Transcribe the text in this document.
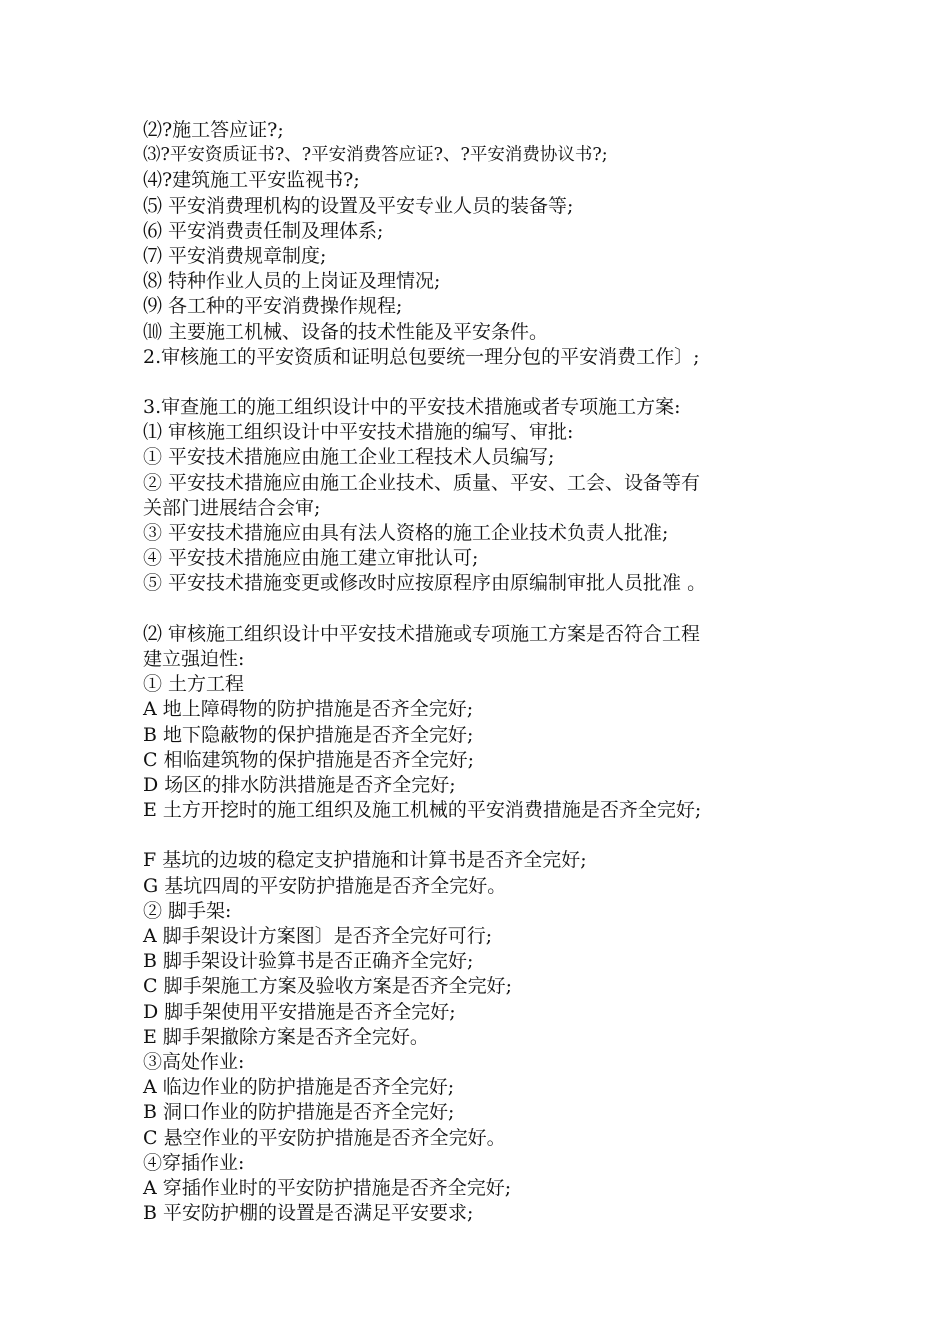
⑵?施工答应证?;
⑶?平安资质证书?、?平安消费答应证?、?平安消费协议书?;
⑷?建筑施工平安监视书?;
⑸ 平安消费理机构的设置及平安专业人员的装备等;
⑹ 平安消费责任制及理体系;
⑺ 平安消费规章制度;
⑻ 特种作业人员的上岗证及理情况;
⑼ 各工种的平安消费操作规程;
⑽ 主要施工机械、设备的技术性能及平安条件。
2.审核施工的平安资质和证明总包要统一理分包的平安消费工作〕;
3.审查施工的施工组织设计中的平安技术措施或者专项施工方案:
⑴ 审核施工组织设计中平安技术措施的编写、审批:
① 平安技术措施应由施工企业工程技术人员编写;
② 平安技术措施应由施工企业技术、质量、平安、工会、设备等有
关部门进展结合会审;
③ 平安技术措施应由具有法人资格的施工企业技术负责人批准;
④ 平安技术措施应由施工建立审批认可;
⑤ 平安技术措施变更或修改时应按原程序由原编制审批人员批准 。
⑵ 审核施工组织设计中平安技术措施或专项施工方案是否符合工程
建立强迫性:
① 土方工程
A 地上障碍物的防护措施是否齐全完好;
B 地下隐蔽物的保护措施是否齐全完好;
C 相临建筑物的保护措施是否齐全完好;
D 场区的排水防洪措施是否齐全完好;
E 土方开挖时的施工组织及施工机械的平安消费措施是否齐全完好;
F 基坑的边坡的稳定支护措施和计算书是否齐全完好;
G 基坑四周的平安防护措施是否齐全完好。
② 脚手架:
A 脚手架设计方案图〕是否齐全完好可行;
B 脚手架设计验算书是否正确齐全完好;
C 脚手架施工方案及验收方案是否齐全完好;
D 脚手架使用平安措施是否齐全完好;
E 脚手架撤除方案是否齐全完好。
③高处作业:
A 临边作业的防护措施是否齐全完好;
B 洞口作业的防护措施是否齐全完好;
C 悬空作业的平安防护措施是否齐全完好。
④穿插作业:
A 穿插作业时的平安防护措施是否齐全完好;
B 平安防护棚的设置是否满足平安要求;
